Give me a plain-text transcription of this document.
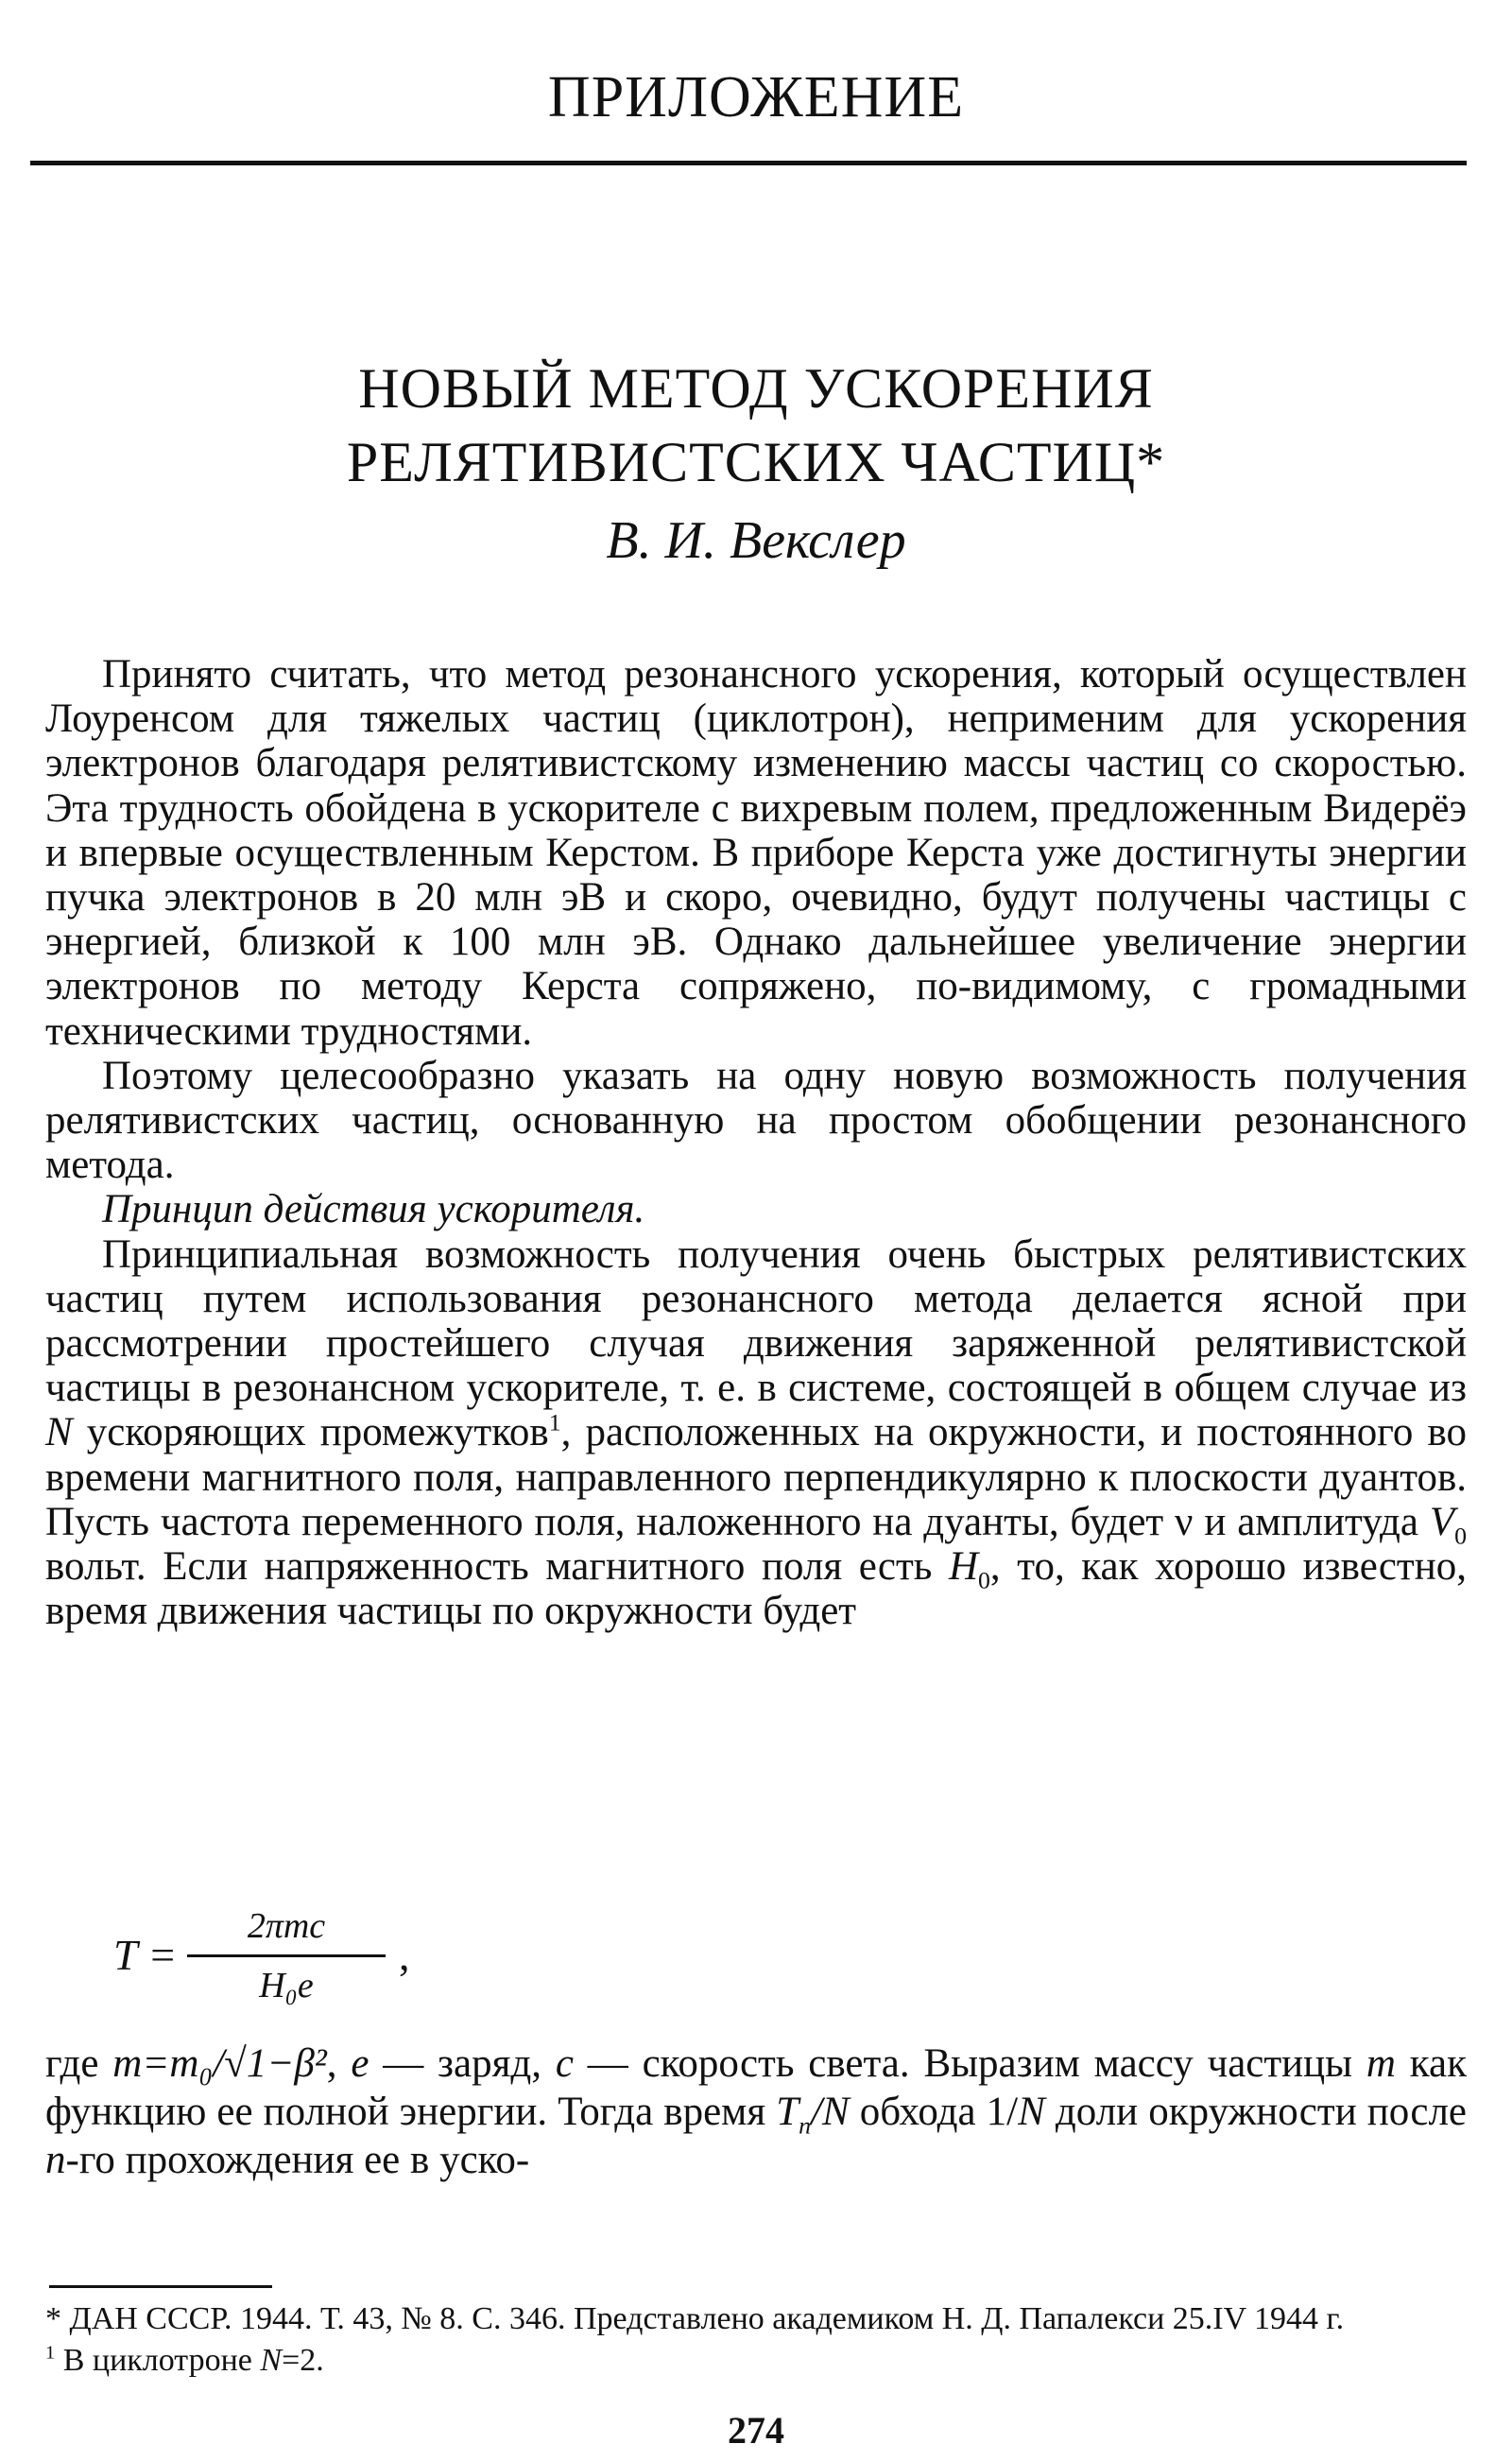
ПРИЛОЖЕНИЕ
НОВЫЙ МЕТОД УСКОРЕНИЯ
РЕЛЯТИВИСТСКИХ ЧАСТИЦ*
В. И. Векслер

Принято считать, что метод резонансного ускорения, который осуществлен Лоуренсом для тяжелых частиц (циклотрон), неприменим для ускорения электронов благодаря релятивистскому изменению массы частиц со скоростью. Эта трудность обойдена в ускорителе с вихревым полем, предложенным Видерёэ и впервые осуществленным Керстом. В приборе Керста уже достигнуты энергии пучка электронов в 20 млн эВ и скоро, очевидно, будут получены частицы с энергией, близкой к 100 млн эВ. Однако дальнейшее увеличение энергии электронов по методу Керста сопряжено, по-видимому, с громадными техническими трудностями.

Поэтому целесообразно указать на одну новую возможность получения релятивистских частиц, основанную на простом обобщении резонансного метода.

Принцип действия ускорителя.

Принципиальная возможность получения очень быстрых релятивистских частиц путем использования резонансного метода делается ясной при рассмотрении простейшего случая движения заряженной релятивистской частицы в резонансном ускорителе, т. е. в системе, состоящей в общем случае из N ускоряющих промежутков$^1$, расположенных на окружности, и постоянного во времени магнитного поля, направленного перпендикулярно к плоскости дуантов. Пусть частота переменного поля, наложенного на дуанты, будет ν и амплитуда $V_0$ вольт. Если напряженность магнитного поля есть $H_0$, то, как хорошо известно, время движения частицы по окружности будет

T =
2πmc
H₀e
,

где m=m₀/√1−β², e — заряд, c — скорость света. Выразим массу частицы m как функцию ее полной энергии. Тогда время $T_n/N$ обхода 1/N доли окружности после n-го прохождения ее в уско-

* ДАН СССР. 1944. Т. 43, № 8. С. 346. Представлено академиком Н. Д. Папалекси 25.IV 1944 г.

$^1$ В циклотроне N=2.

274
